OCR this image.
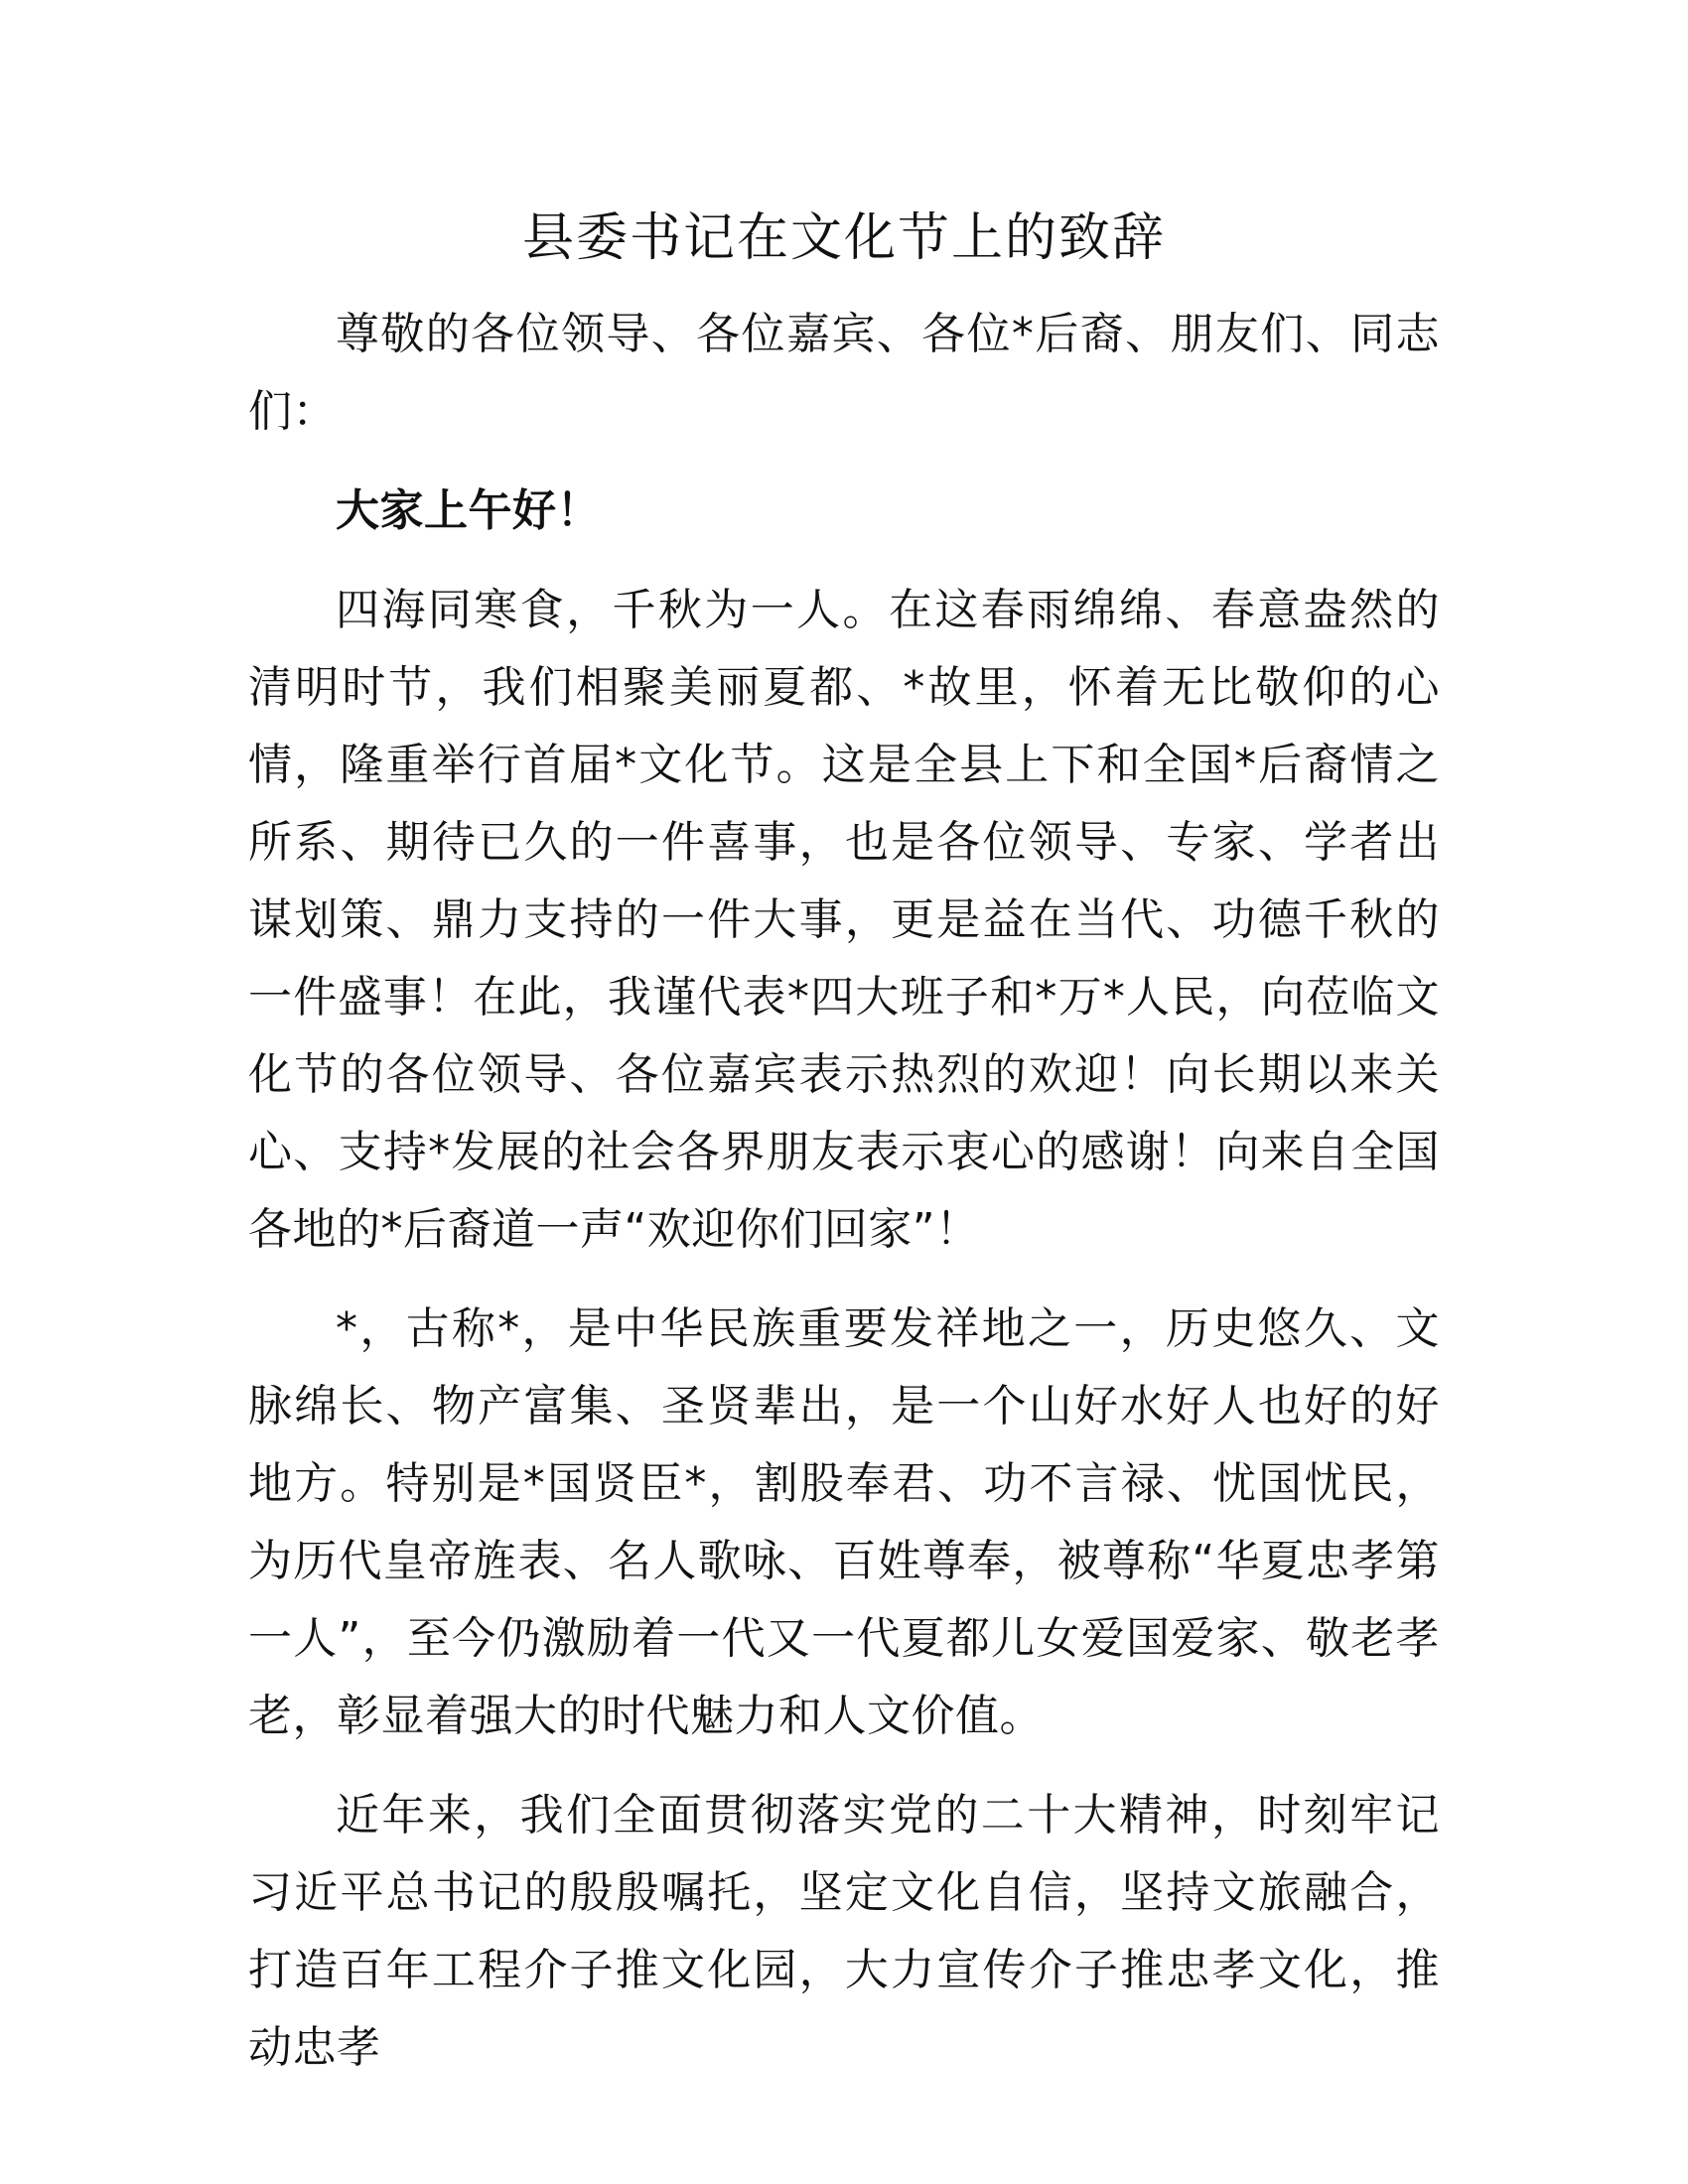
县委书记在文化节上的致辞

尊敬的各位领导、各位嘉宾、各位*后裔、朋友们、同志们：

大家上午好！

四海同寒食，千秋为一人。在这春雨绵绵、春意盎然的清明时节，我们相聚美丽夏都、*故里，怀着无比敬仰的心情，隆重举行首届*文化节。这是全县上下和全国*后裔情之所系、期待已久的一件喜事，也是各位领导、专家、学者出谋划策、鼎力支持的一件大事，更是益在当代、功德千秋的一件盛事！在此，我谨代表*四大班子和*万*人民，向莅临文化节的各位领导、各位嘉宾表示热烈的欢迎！向长期以来关心、支持*发展的社会各界朋友表示衷心的感谢！向来自全国各地的*后裔道一声“欢迎你们回家”！

*，古称*，是中华民族重要发祥地之一，历史悠久、文脉绵长、物产富集、圣贤辈出，是一个山好水好人也好的好地方。特别是*国贤臣*，割股奉君、功不言禄、忧国忧民，为历代皇帝旌表、名人歌咏、百姓尊奉，被尊称“华夏忠孝第一人”，至今仍激励着一代又一代夏都儿女爱国爱家、敬老孝老，彰显着强大的时代魅力和人文价值。

近年来，我们全面贯彻落实党的二十大精神，时刻牢记习近平总书记的殷殷嘱托，坚定文化自信，坚持文旅融合，打造百年工程介子推文化园，大力宣传介子推忠孝文化，推动忠孝
